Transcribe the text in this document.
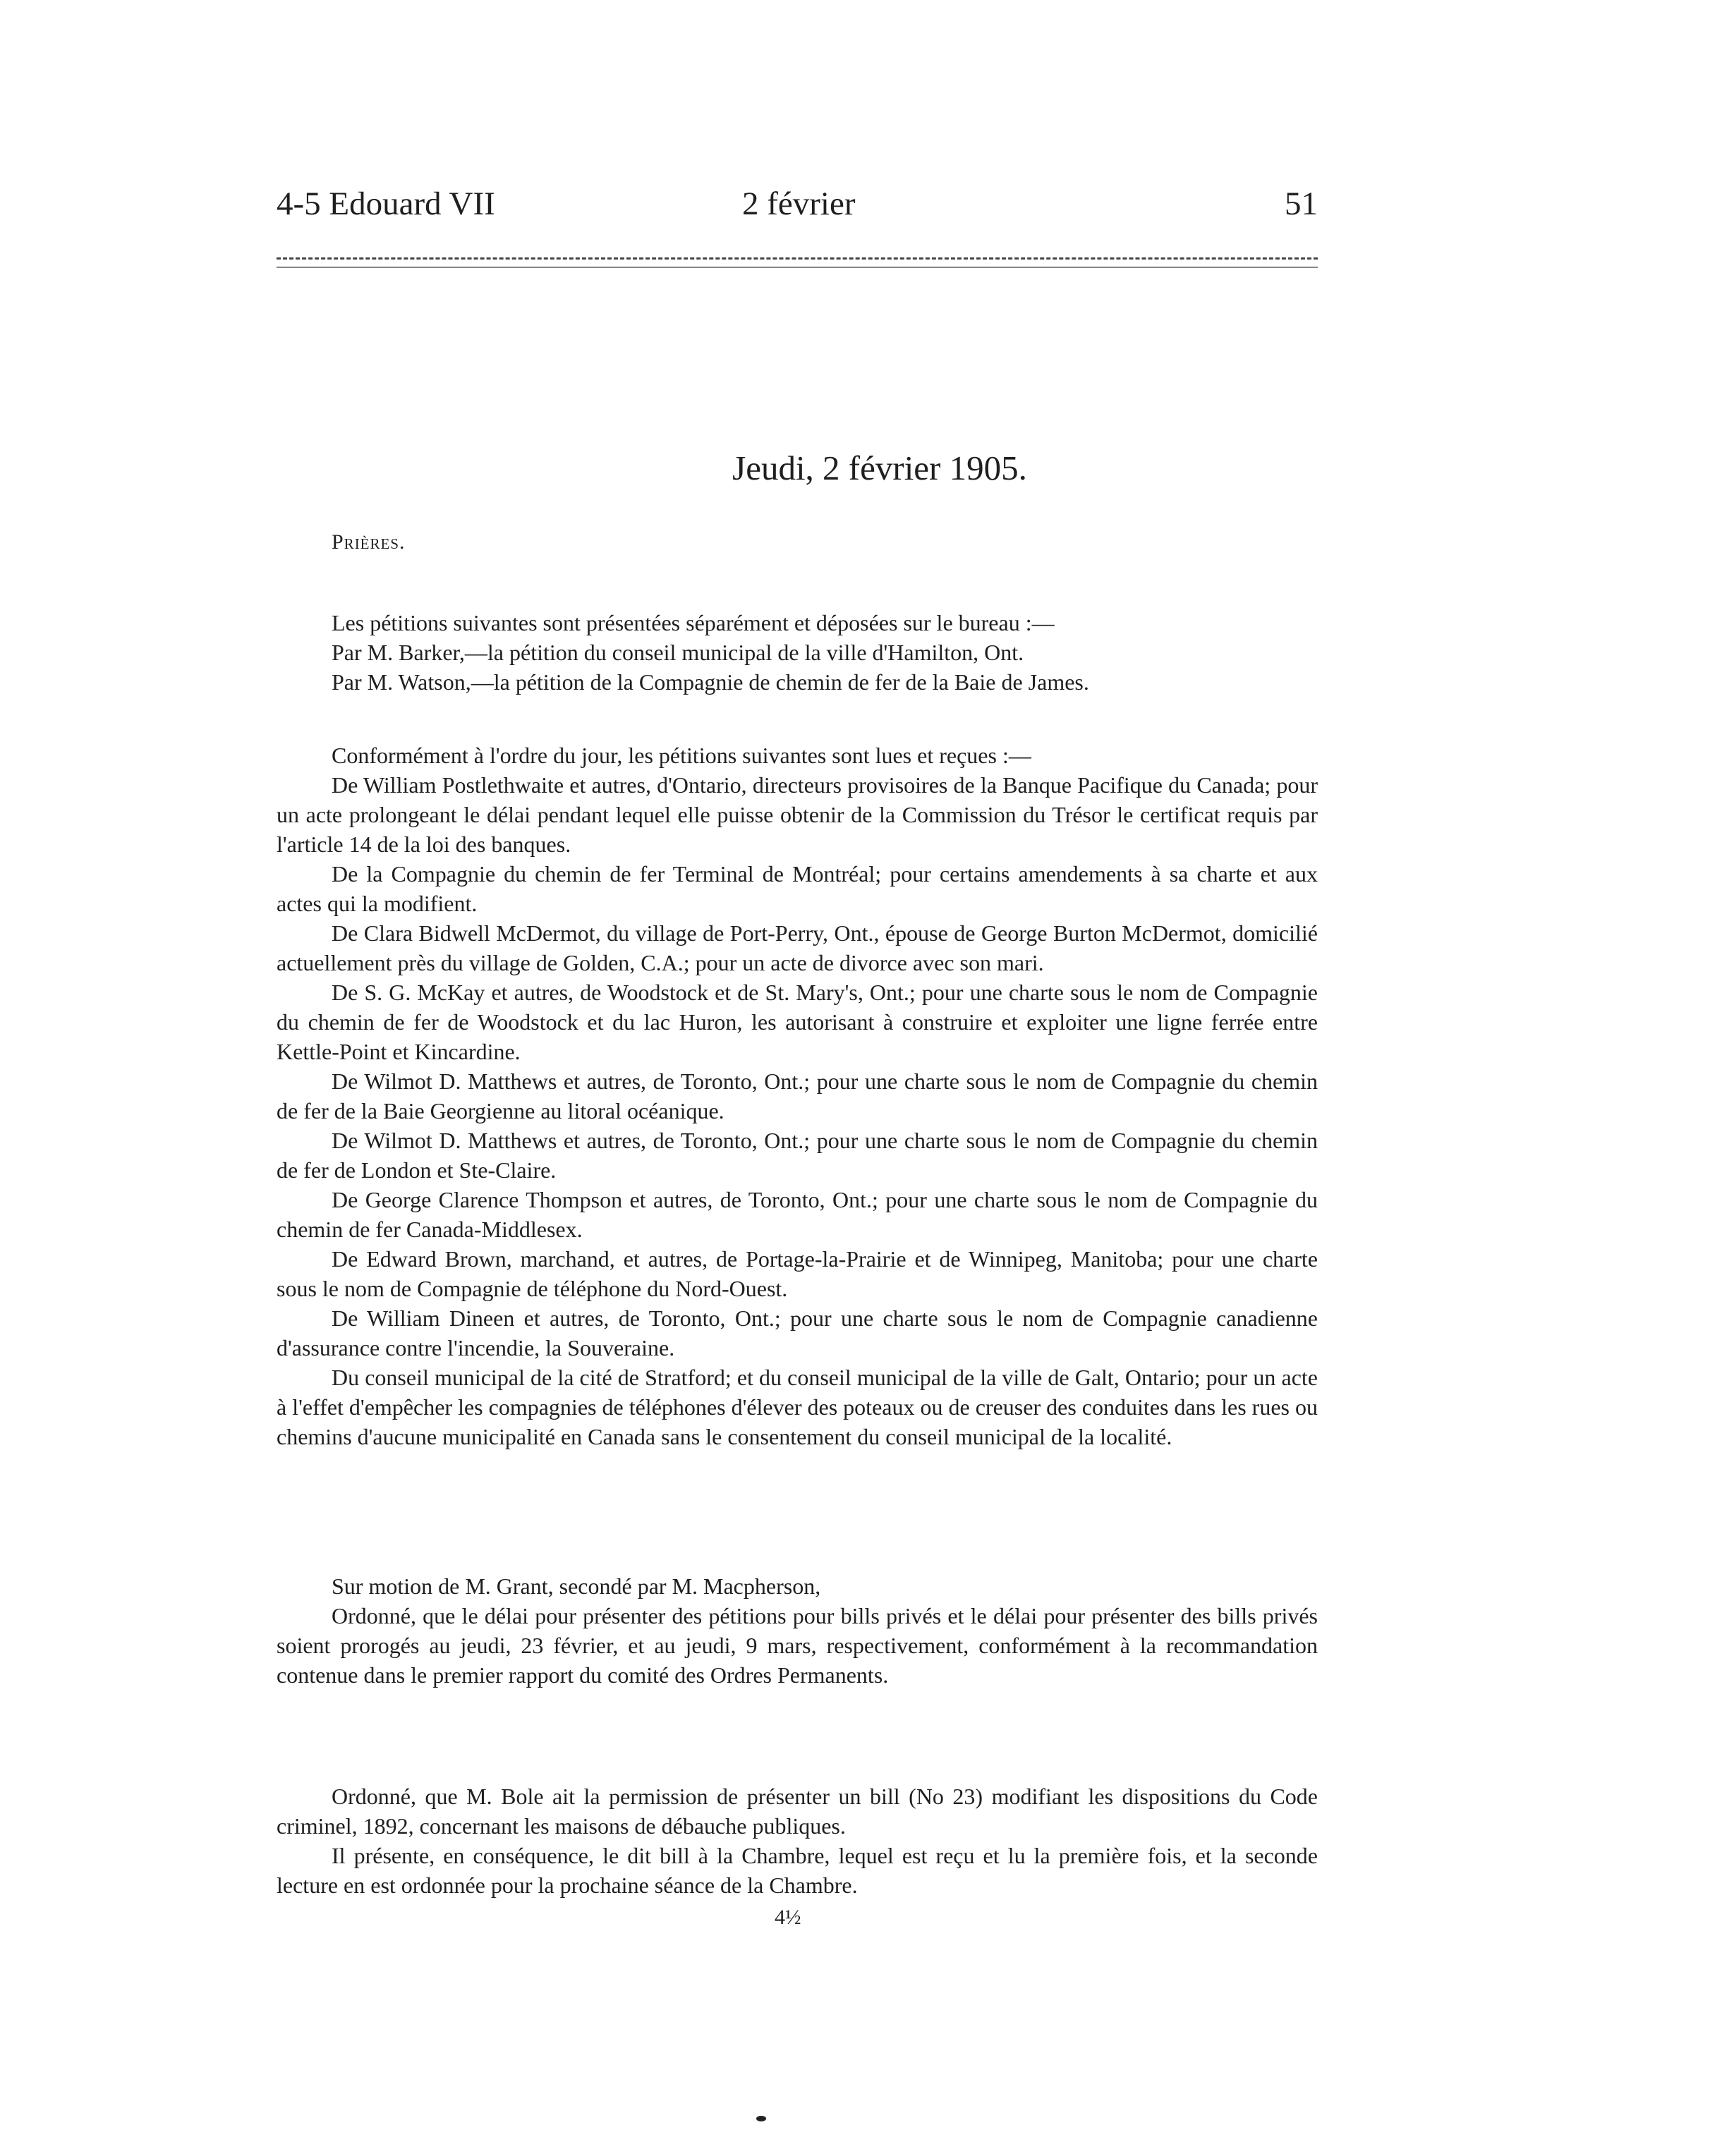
4-5 Edouard VII	2 février	51
Jeudi, 2 février 1905.
Prières.

Les pétitions suivantes sont présentées séparément et déposées sur le bureau :—

Par M. Barker,—la pétition du conseil municipal de la ville d'Hamilton, Ont.

Par M. Watson,—la pétition de la Compagnie de chemin de fer de la Baie de James.

Conformément à l'ordre du jour, les pétitions suivantes sont lues et reçues :—

De William Postlethwaite et autres, d'Ontario, directeurs provisoires de la Banque Pacifique du Canada; pour un acte prolongeant le délai pendant lequel elle puisse obtenir de la Commission du Trésor le certificat requis par l'article 14 de la loi des banques.

De la Compagnie du chemin de fer Terminal de Montréal; pour certains amendements à sa charte et aux actes qui la modifient.

De Clara Bidwell McDermot, du village de Port-Perry, Ont., épouse de George Burton McDermot, domicilié actuellement près du village de Golden, C.A.; pour un acte de divorce avec son mari.

De S. G. McKay et autres, de Woodstock et de St. Mary's, Ont.; pour une charte sous le nom de Compagnie du chemin de fer de Woodstock et du lac Huron, les autorisant à construire et exploiter une ligne ferrée entre Kettle-Point et Kincardine.

De Wilmot D. Matthews et autres, de Toronto, Ont.; pour une charte sous le nom de Compagnie du chemin de fer de la Baie Georgienne au litoral océanique.

De Wilmot D. Matthews et autres, de Toronto, Ont.; pour une charte sous le nom de Compagnie du chemin de fer de London et Ste-Claire.

De George Clarence Thompson et autres, de Toronto, Ont.; pour une charte sous le nom de Compagnie du chemin de fer Canada-Middlesex.

De Edward Brown, marchand, et autres, de Portage-la-Prairie et de Winnipeg, Manitoba; pour une charte sous le nom de Compagnie de téléphone du Nord-Ouest.

De William Dineen et autres, de Toronto, Ont.; pour une charte sous le nom de Compagnie canadienne d'assurance contre l'incendie, la Souveraine.

Du conseil municipal de la cité de Stratford; et du conseil municipal de la ville de Galt, Ontario; pour un acte à l'effet d'empêcher les compagnies de téléphones d'élever des poteaux ou de creuser des conduites dans les rues ou chemins d'aucune municipalité en Canada sans le consentement du conseil municipal de la localité.

Sur motion de M. Grant, secondé par M. Macpherson,

Ordonné, que le délai pour présenter des pétitions pour bills privés et le délai pour présenter des bills privés soient prorogés au jeudi, 23 février, et au jeudi, 9 mars, respectivement, conformément à la recommandation contenue dans le premier rapport du comité des Ordres Permanents.

Ordonné, que M. Bole ait la permission de présenter un bill (No 23) modifiant les dispositions du Code criminel, 1892, concernant les maisons de débauche publiques.

Il présente, en conséquence, le dit bill à la Chambre, lequel est reçu et lu la première fois, et la seconde lecture en est ordonnée pour la prochaine séance de la Chambre.

4½
